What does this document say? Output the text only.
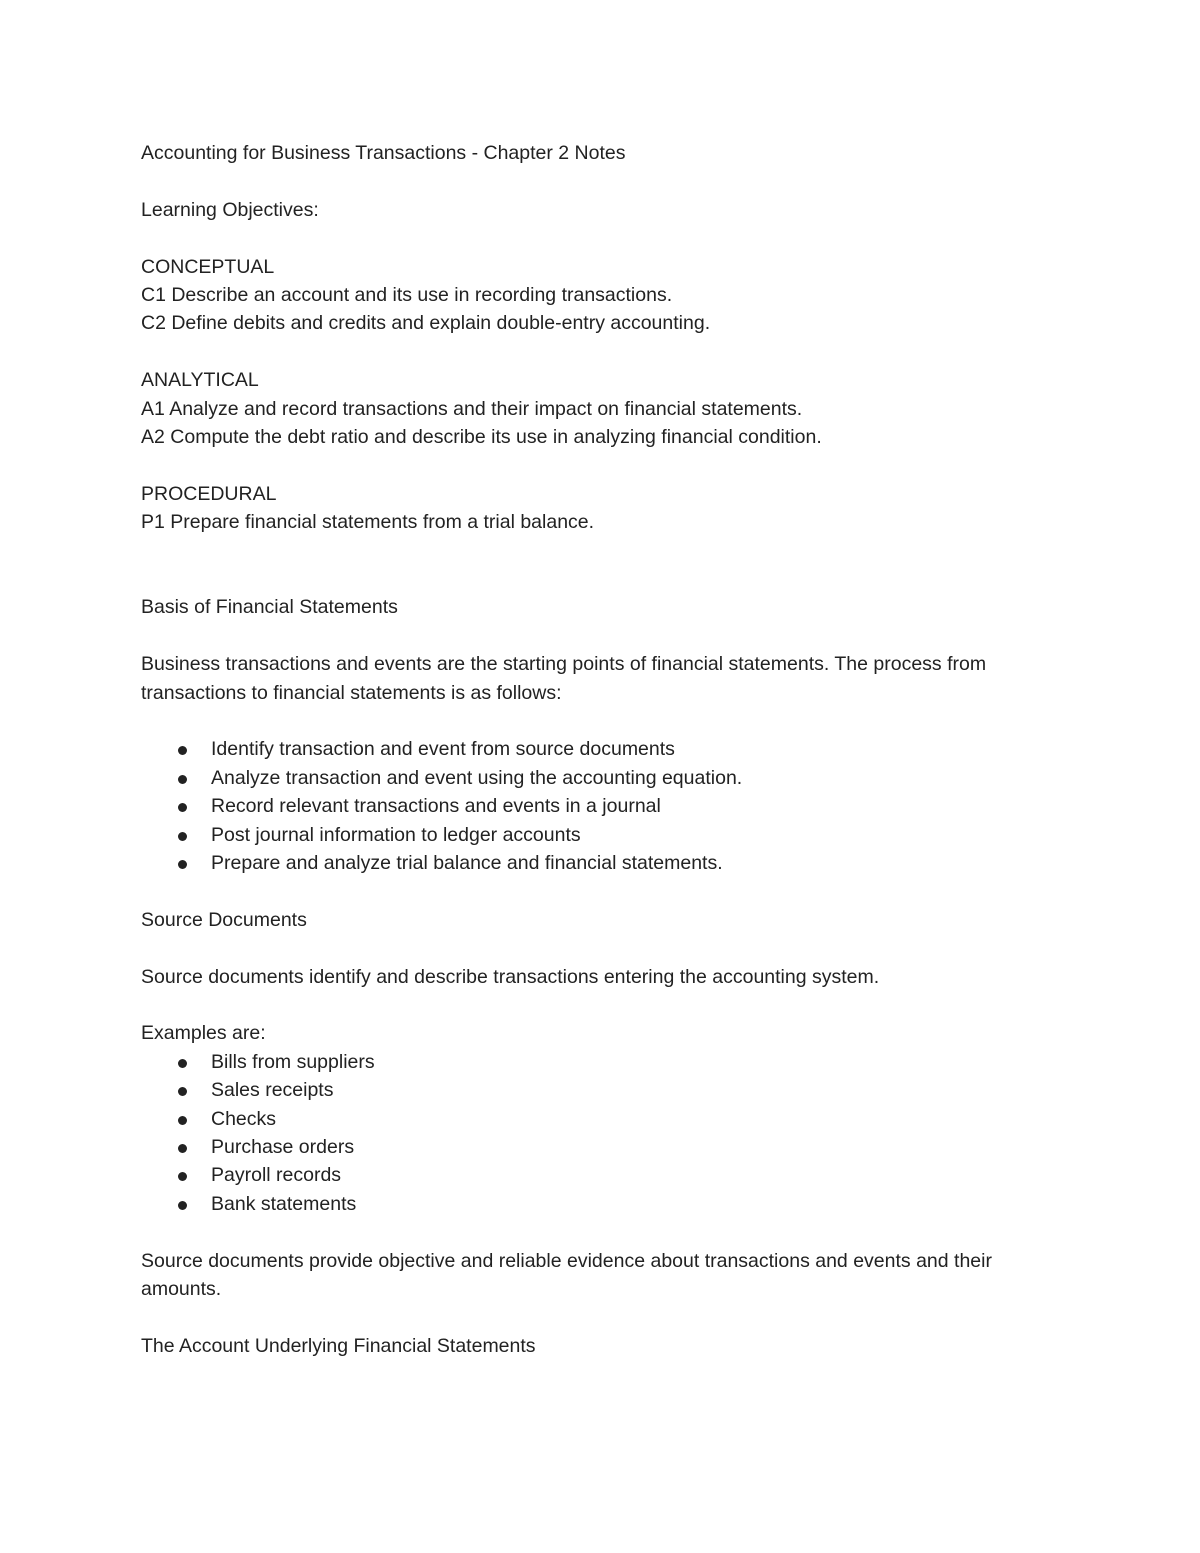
Accounting for Business Transactions - Chapter 2 Notes
Learning Objectives:
CONCEPTUAL
C1 Describe an account and its use in recording transactions.
C2 Define debits and credits and explain double-entry accounting.
ANALYTICAL
A1 Analyze and record transactions and their impact on financial statements.
A2 Compute the debt ratio and describe its use in analyzing financial condition.
PROCEDURAL
P1 Prepare financial statements from a trial balance.
Basis of Financial Statements
Business transactions and events are the starting points of financial statements. The process from transactions to financial statements is as follows:
Identify transaction and event from source documents
Analyze transaction and event using the accounting equation.
Record relevant transactions and events in a journal
Post journal information to ledger accounts
Prepare and analyze trial balance and financial statements.
Source Documents
Source documents identify and describe transactions entering the accounting system.
Examples are:
Bills from suppliers
Sales receipts
Checks
Purchase orders
Payroll records
Bank statements
Source documents provide objective and reliable evidence about transactions and events and their amounts.
The Account Underlying Financial Statements
